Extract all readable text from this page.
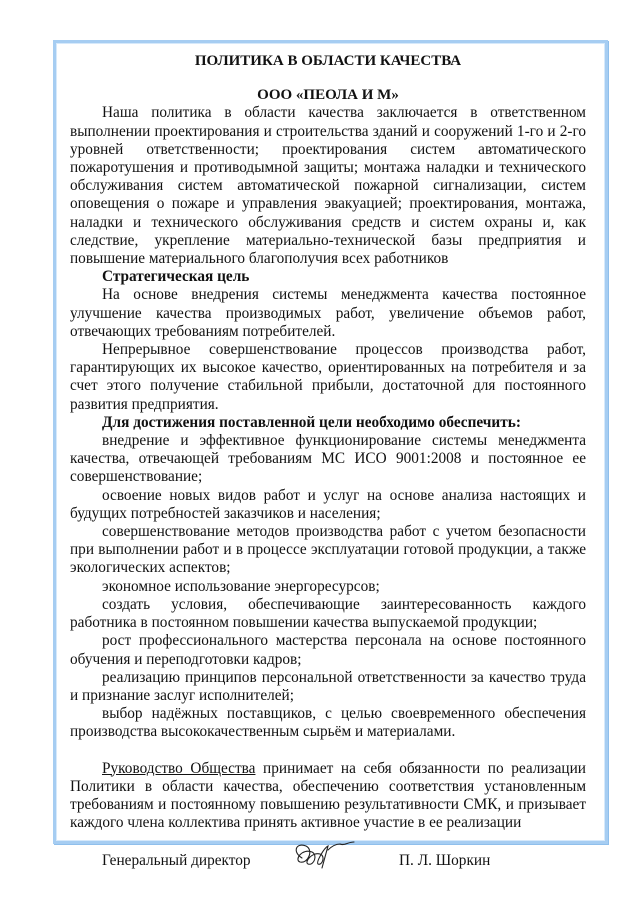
ПОЛИТИКА В ОБЛАСТИ КАЧЕСТВА
ООО «ПЕОЛА И М»

Наша политика в области качества заключается в ответственном выполнении проектирования и строительства зданий и сооружений 1-го и 2-го уровней ответственности; проектирования систем автоматического пожаротушения и противодымной защиты; монтажа наладки и технического обслуживания систем автоматической пожарной сигнализации, систем оповещения о пожаре и управления эвакуацией; проектирования, монтажа, наладки и технического обслуживания средств и систем охраны и, как следствие, укрепление материально-технической базы предприятия и повышение материального благополучия всех работников

Стратегическая цель

На основе внедрения системы менеджмента качества постоянное улучшение качества производимых работ, увеличение объемов работ, отвечающих требованиям потребителей.

Непрерывное совершенствование процессов производства работ, гарантирующих их высокое качество, ориентированных на потребителя и за счет этого получение стабильной прибыли, достаточной для постоянного развития предприятия.

Для достижения поставленной цели необходимо обеспечить:

внедрение и эффективное функционирование системы менеджмента качества, отвечающей требованиям МС ИСО 9001:2008 и постоянное ее совершенствование;

освоение новых видов работ и услуг на основе анализа настоящих и будущих потребностей заказчиков и населения;

совершенствование методов производства работ с учетом безопасности при выполнении работ и в процессе эксплуатации готовой продукции, а также экологических аспектов;

экономное использование энергоресурсов;

создать условия, обеспечивающие заинтересованность каждого работника в постоянном повышении качества выпускаемой продукции;

рост профессионального мастерства персонала на основе постоянного обучения и переподготовки кадров;

реализацию принципов персональной ответственности за качество труда и признание заслуг исполнителей;

выбор надёжных поставщиков, с целью своевременного обеспечения производства высококачественным сырьём и материалами.

Руководство Общества принимает на себя обязанности по реализации Политики в области качества, обеспечению соответствия установленным требованиям и постоянному повышению результативности СМК, и призывает каждого члена коллектива принять активное участие в ее реализации

Генеральный директор	П. Л. Шоркин
